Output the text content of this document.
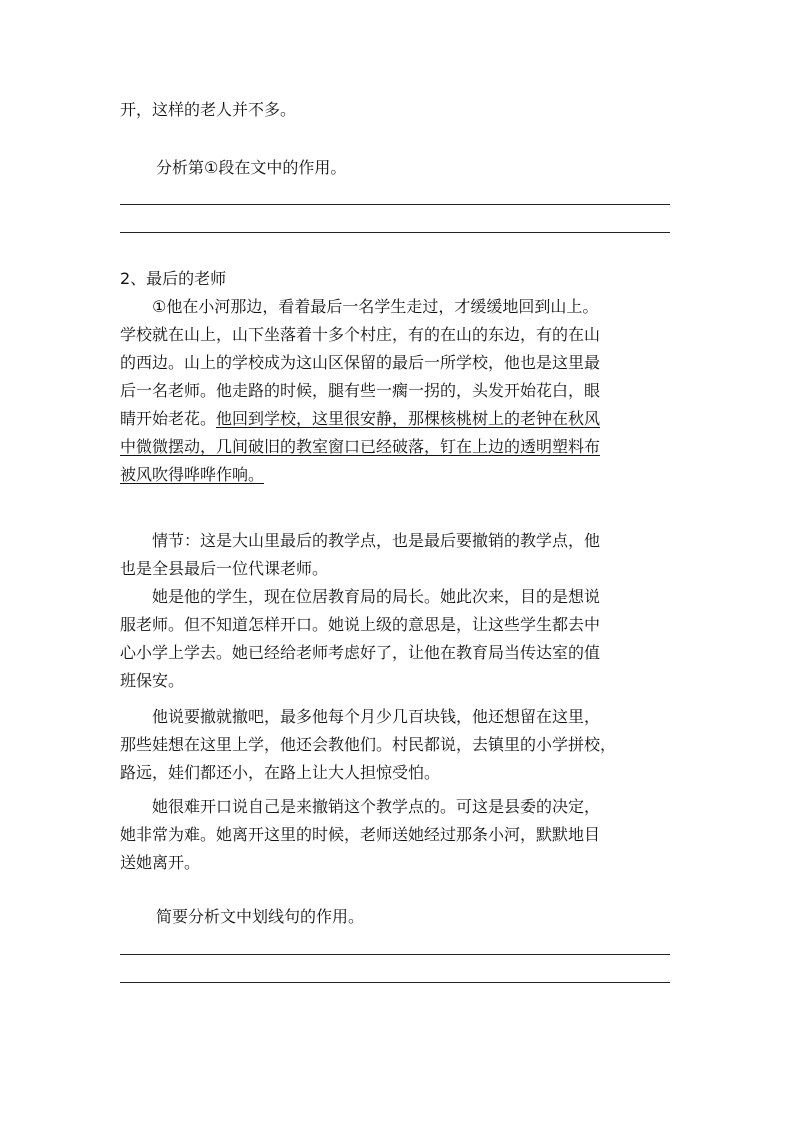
开，这样的老人并不多。

分析第①段在文中的作用。

2、最后的老师

①他在小河那边，看着最后一名学生走过，才缓缓地回到山上。
学校就在山上，山下坐落着十多个村庄，有的在山的东边，有的在山
的西边。山上的学校成为这山区保留的最后一所学校，他也是这里最
后一名老师。他走路的时候，腿有些一瘸一拐的，头发开始花白，眼
睛开始老花。他回到学校，这里很安静，那棵核桃树上的老钟在秋风
中微微摆动，几间破旧的教室窗口已经破落，钉在上边的透明塑料布
被风吹得哗哗作响。
情节：这是大山里最后的教学点，也是最后要撤销的教学点，他
也是全县最后一位代课老师。
她是他的学生，现在位居教育局的局长。她此次来，目的是想说
服老师。但不知道怎样开口。她说上级的意思是，让这些学生都去中
心小学上学去。她已经给老师考虑好了，让他在教育局当传达室的值
班保安。
他说要撤就撤吧，最多他每个月少几百块钱，他还想留在这里，
那些娃想在这里上学，他还会教他们。村民都说，去镇里的小学拼校，
路远，娃们都还小，在路上让大人担惊受怕。
她很难开口说自己是来撤销这个教学点的。可这是县委的决定，
她非常为难。她离开这里的时候，老师送她经过那条小河，默默地目
送她离开。

简要分析文中划线句的作用。
